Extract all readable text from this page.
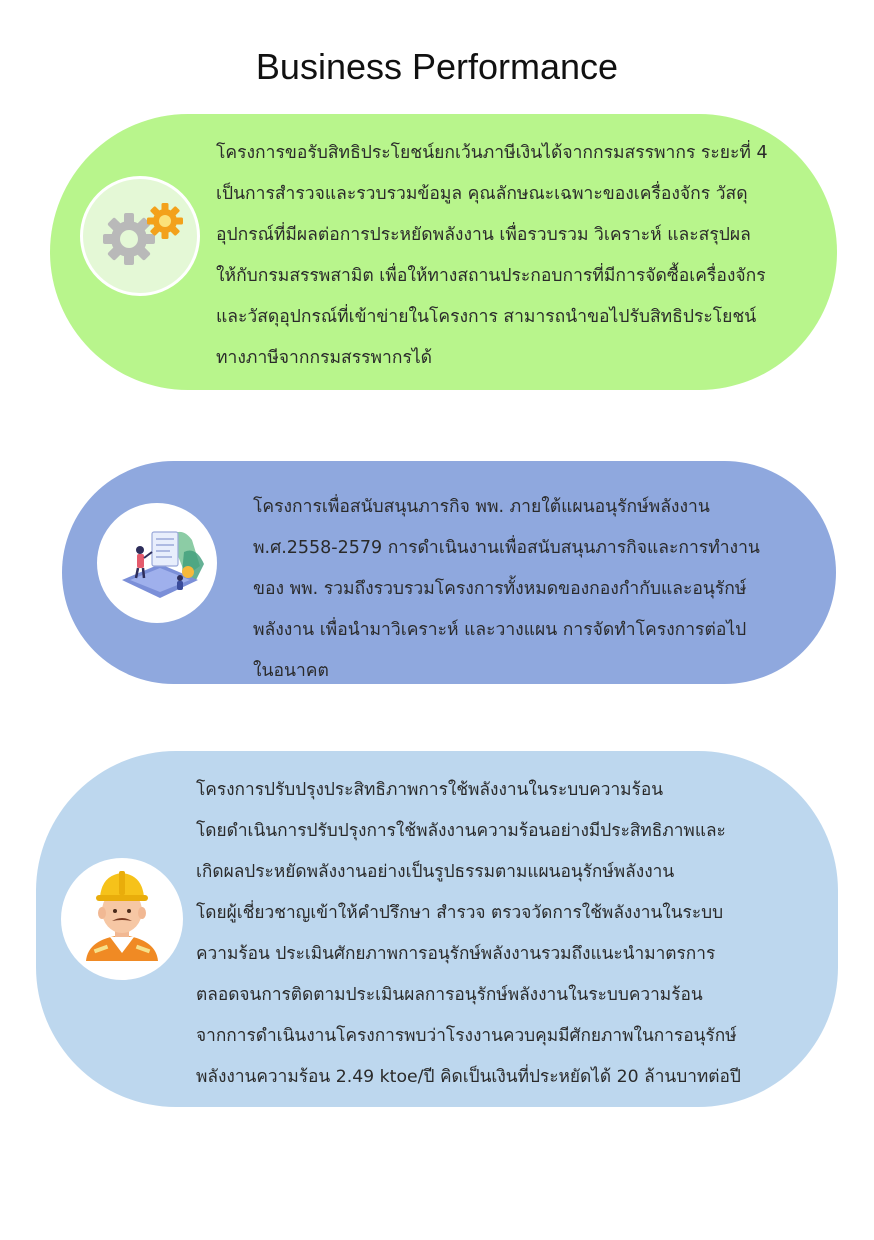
Business Performance
โครงการขอรับสิทธิประโยชน์ยกเว้นภาษีเงินได้จากกรมสรรพากร ระยะที่ 4
เป็นการสำรวจและรวบรวมข้อมูล คุณลักษณะเฉพาะของเครื่องจักร วัสดุ
อุปกรณ์ที่มีผลต่อการประหยัดพลังงาน เพื่อรวบรวม วิเคราะห์ และสรุปผล
ให้กับกรมสรรพสามิต เพื่อให้ทางสถานประกอบการที่มีการจัดซื้อเครื่องจักร
และวัสดุอุปกรณ์ที่เข้าข่ายในโครงการ สามารถนำขอไปรับสิทธิประโยชน์
ทางภาษีจากกรมสรรพากรได้
โครงการเพื่อสนับสนุนภารกิจ พพ. ภายใต้แผนอนุรักษ์พลังงาน
พ.ศ.2558-2579 การดำเนินงานเพื่อสนับสนุนภารกิจและการทำงาน
ของ พพ. รวมถึงรวบรวมโครงการทั้งหมดของกองกำกับและอนุรักษ์
พลังงาน เพื่อนำมาวิเคราะห์ และวางแผน การจัดทำโครงการต่อไป
ในอนาคต
โครงการปรับปรุงประสิทธิภาพการใช้พลังงานในระบบความร้อน
โดยดำเนินการปรับปรุงการใช้พลังงานความร้อนอย่างมีประสิทธิภาพและ
เกิดผลประหยัดพลังงานอย่างเป็นรูปธรรมตามแผนอนุรักษ์พลังงาน
โดยผู้เชี่ยวชาญเข้าให้คำปรึกษา สำรวจ ตรวจวัดการใช้พลังงานในระบบ
ความร้อน ประเมินศักยภาพการอนุรักษ์พลังงานรวมถึงแนะนำมาตรการ
ตลอดจนการติดตามประเมินผลการอนุรักษ์พลังงานในระบบความร้อน
จากการดำเนินงานโครงการพบว่าโรงงานควบคุมมีศักยภาพในการอนุรักษ์
พลังงานความร้อน 2.49 ktoe/ปี คิดเป็นเงินที่ประหยัดได้ 20 ล้านบาทต่อปี
